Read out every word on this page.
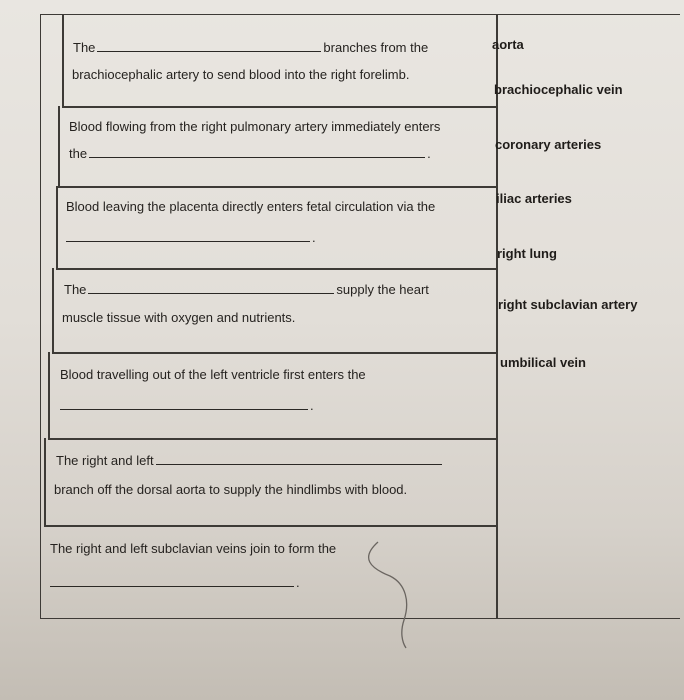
The	branches from the
brachiocephalic artery to send blood into the right forelimb.
Blood flowing from the right pulmonary artery immediately enters
the	.
Blood leaving the placenta directly enters fetal circulation via the
.
The	supply the heart
muscle tissue with oxygen and nutrients.
Blood travelling out of the left ventricle first enters the
.
The right and left
branch off the dorsal aorta to supply the hindlimbs with blood.
The right and left subclavian veins join to form the
.
aorta
brachiocephalic vein
coronary arteries
iliac arteries
right lung
right subclavian artery
umbilical vein
